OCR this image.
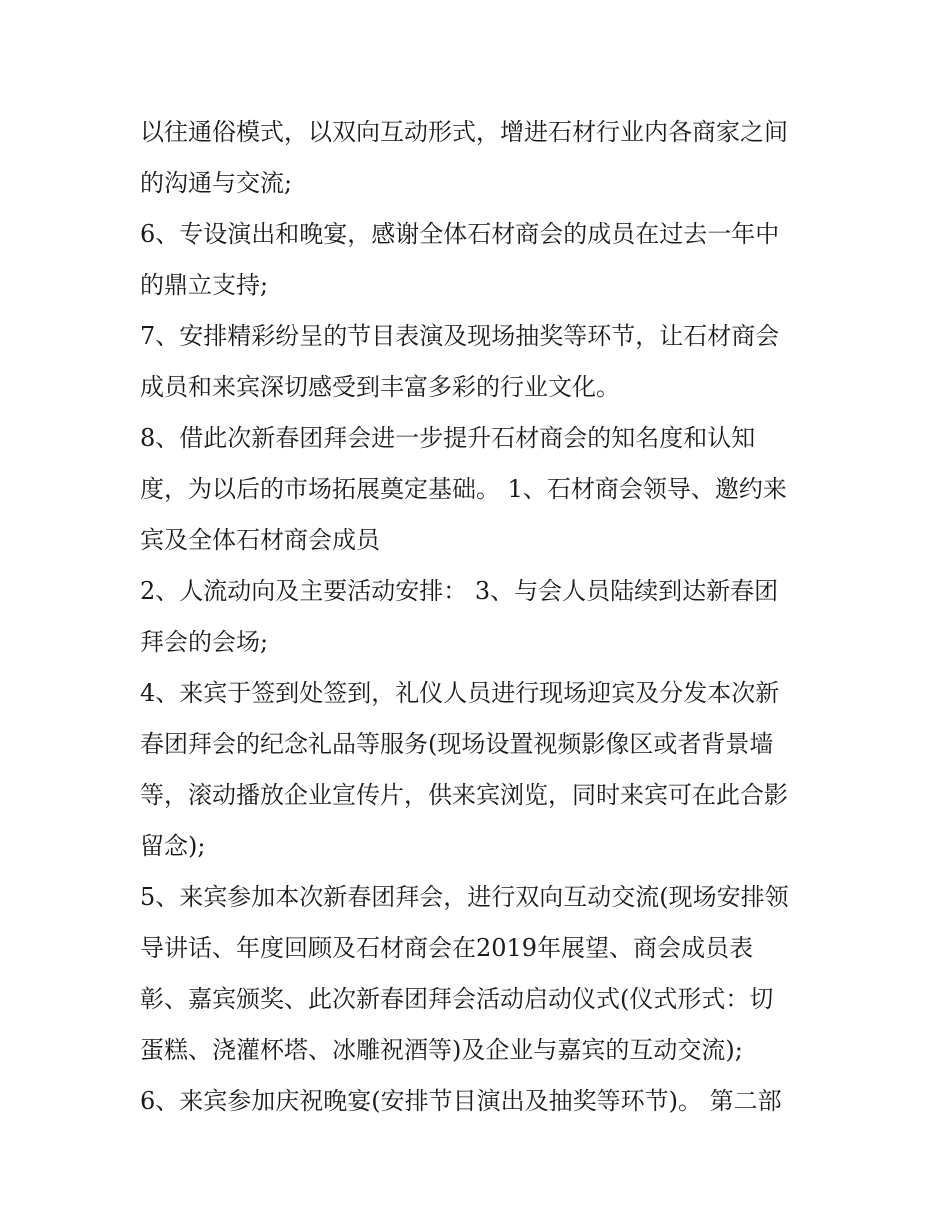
以往通俗模式，以双向互动形式，增进石材行业内各商家之间
的沟通与交流;
6、专设演出和晚宴，感谢全体石材商会的成员在过去一年中
的鼎立支持;
7、安排精彩纷呈的节目表演及现场抽奖等环节，让石材商会
成员和来宾深切感受到丰富多彩的行业文化。
8、借此次新春团拜会进一步提升石材商会的知名度和认知
度，为以后的市场拓展奠定基础。 1、石材商会领导、邀约来
宾及全体石材商会成员
2、人流动向及主要活动安排： 3、与会人员陆续到达新春团
拜会的会场;
4、来宾于签到处签到，礼仪人员进行现场迎宾及分发本次新
春团拜会的纪念礼品等服务(现场设置视频影像区或者背景墙
等，滚动播放企业宣传片，供来宾浏览，同时来宾可在此合影
留念);
5、来宾参加本次新春团拜会，进行双向互动交流(现场安排领
导讲话、年度回顾及石材商会在2019年展望、商会成员表
彰、嘉宾颁奖、此次新春团拜会活动启动仪式(仪式形式：切
蛋糕、浇灌杯塔、冰雕祝酒等)及企业与嘉宾的互动交流);
6、来宾参加庆祝晚宴(安排节目演出及抽奖等环节)。 第二部
